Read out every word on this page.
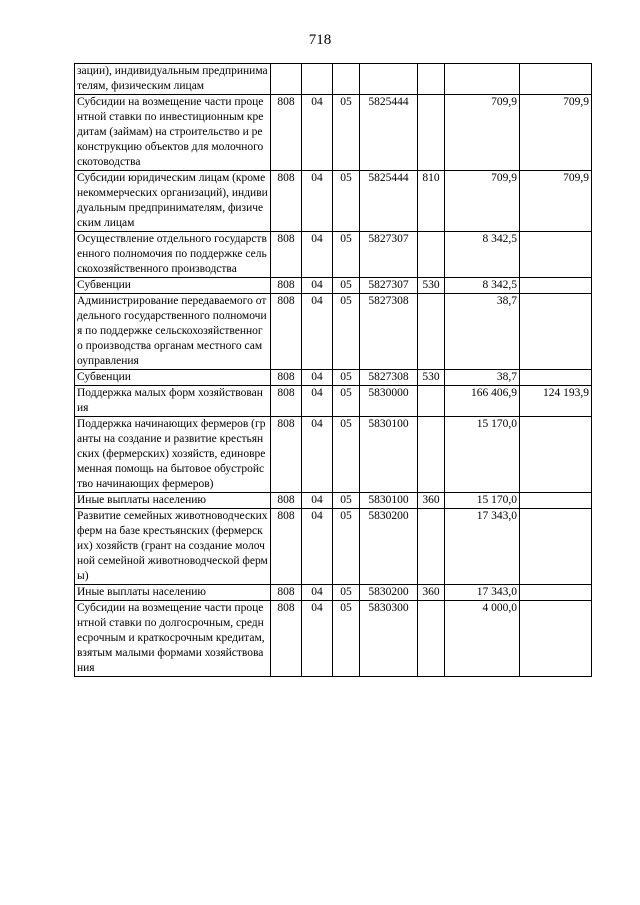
718
зации), индивидуальным предпринимателям, физическим лицам							
Субсидии на возмещение части процентной ставки по инвестиционным кредитам (займам) на строительство и реконструкцию объектов для молочного скотоводства	808	04	05	5825444		709,9	709,9
Субсидии юридическим лицам (кроме некоммерческих организаций), индивидуальным предпринимателям, физическим лицам	808	04	05	5825444	810	709,9	709,9
Осуществление отдельного государственного полномочия по поддержке сельскохозяйственного производства	808	04	05	5827307		8 342,5	
Субвенции	808	04	05	5827307	530	8 342,5	
Администрирование передаваемого отдельного государственного полномочия по поддержке сельскохозяйственного производства органам местного самоуправления	808	04	05	5827308		38,7	
Субвенции	808	04	05	5827308	530	38,7	
Поддержка малых форм хозяйствования	808	04	05	5830000		166 406,9	124 193,9
Поддержка начинающих фермеров (гранты на создание и развитие крестьянских (фермерских) хозяйств, единовременная помощь на бытовое обустройство начинающих фермеров)	808	04	05	5830100		15 170,0	
Иные выплаты населению	808	04	05	5830100	360	15 170,0	
Развитие семейных животноводческих ферм на базе крестьянских (фермерских) хозяйств (грант на создание молочной семейной животноводческой фермы)	808	04	05	5830200		17 343,0	
Иные выплаты населению	808	04	05	5830200	360	17 343,0	
Субсидии на возмещение части процентной ставки по долгосрочным, среднесрочным и краткосрочным кредитам, взятым малыми формами хозяйствования	808	04	05	5830300		4 000,0	
